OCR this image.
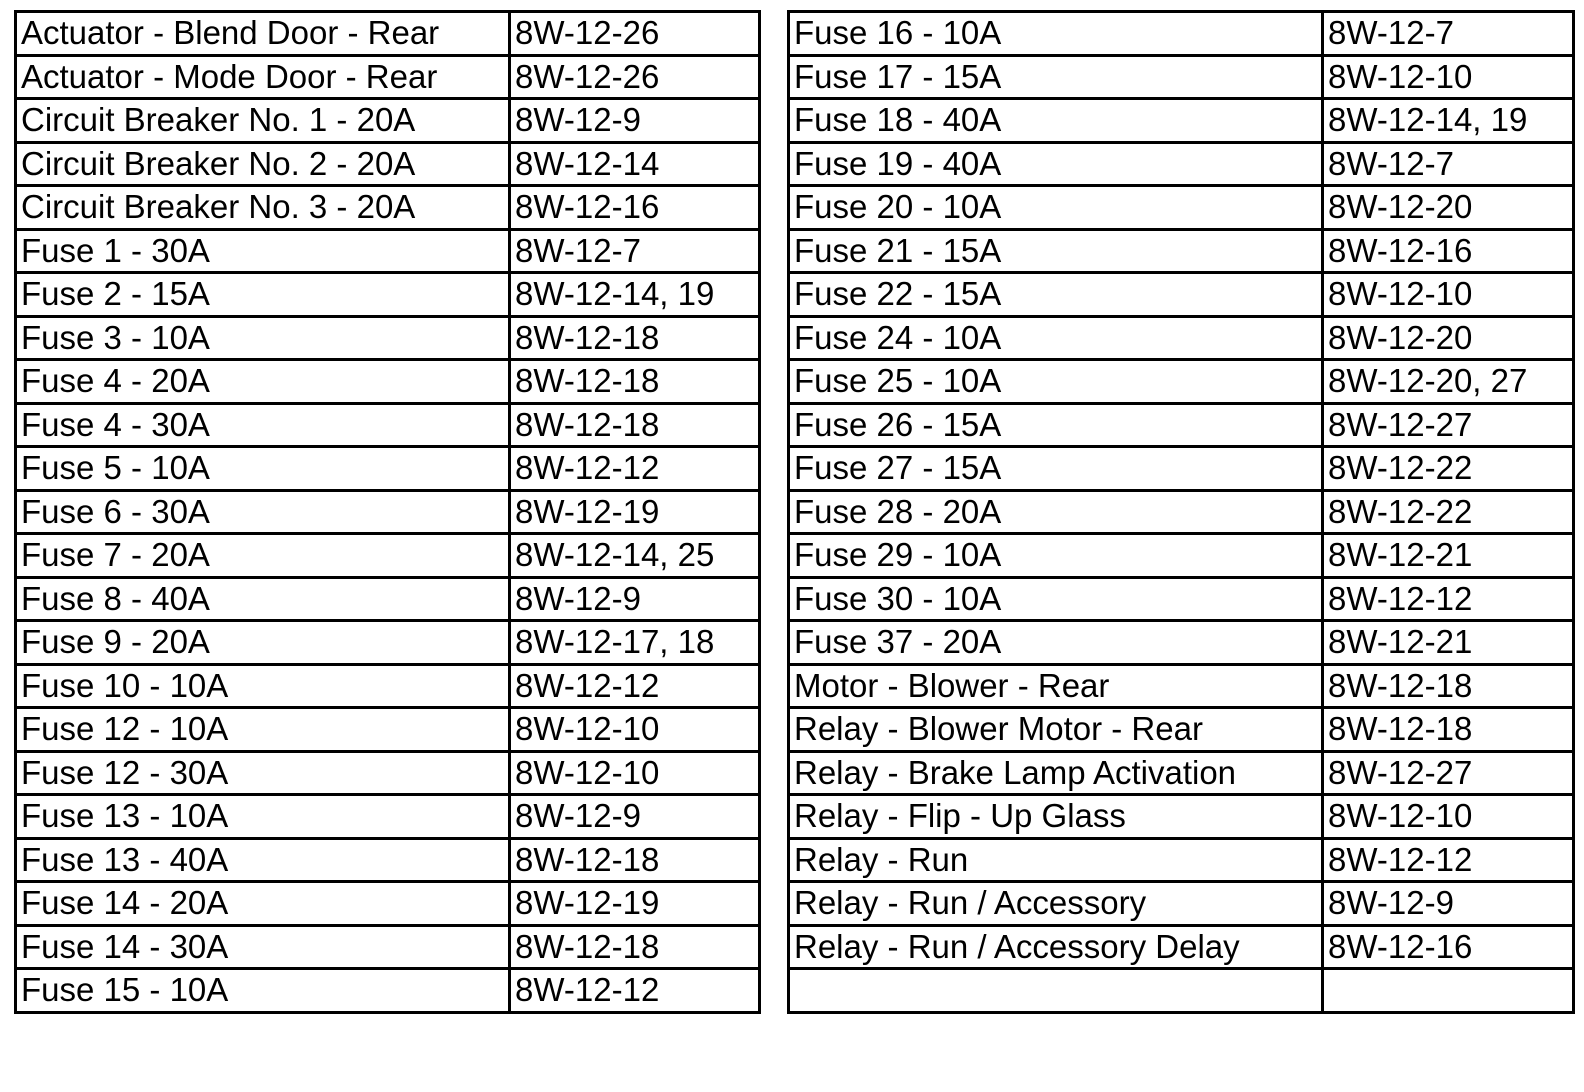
Actuator - Blend Door - Rear	8W-12-26
Actuator - Mode Door - Rear	8W-12-26
Circuit Breaker No. 1 - 20A	8W-12-9
Circuit Breaker No. 2 - 20A	8W-12-14
Circuit Breaker No. 3 - 20A	8W-12-16
Fuse 1 - 30A	8W-12-7
Fuse 2 - 15A	8W-12-14, 19
Fuse 3 - 10A	8W-12-18
Fuse 4 - 20A	8W-12-18
Fuse 4 - 30A	8W-12-18
Fuse 5 - 10A	8W-12-12
Fuse 6 - 30A	8W-12-19
Fuse 7 - 20A	8W-12-14, 25
Fuse 8 - 40A	8W-12-9
Fuse 9 - 20A	8W-12-17, 18
Fuse 10 - 10A	8W-12-12
Fuse 12 - 10A	8W-12-10
Fuse 12 - 30A	8W-12-10
Fuse 13 - 10A	8W-12-9
Fuse 13 - 40A	8W-12-18
Fuse 14 - 20A	8W-12-19
Fuse 14 - 30A	8W-12-18
Fuse 15 - 10A	8W-12-12
Fuse 16 - 10A	8W-12-7
Fuse 17 - 15A	8W-12-10
Fuse 18 - 40A	8W-12-14, 19
Fuse 19 - 40A	8W-12-7
Fuse 20 - 10A	8W-12-20
Fuse 21 - 15A	8W-12-16
Fuse 22 - 15A	8W-12-10
Fuse 24 - 10A	8W-12-20
Fuse 25 - 10A	8W-12-20, 27
Fuse 26 - 15A	8W-12-27
Fuse 27 - 15A	8W-12-22
Fuse 28 - 20A	8W-12-22
Fuse 29 - 10A	8W-12-21
Fuse 30 - 10A	8W-12-12
Fuse 37 - 20A	8W-12-21
Motor - Blower - Rear	8W-12-18
Relay - Blower Motor - Rear	8W-12-18
Relay - Brake Lamp Activation	8W-12-27
Relay - Flip - Up Glass	8W-12-10
Relay - Run	8W-12-12
Relay - Run / Accessory	8W-12-9
Relay - Run / Accessory Delay	8W-12-16
